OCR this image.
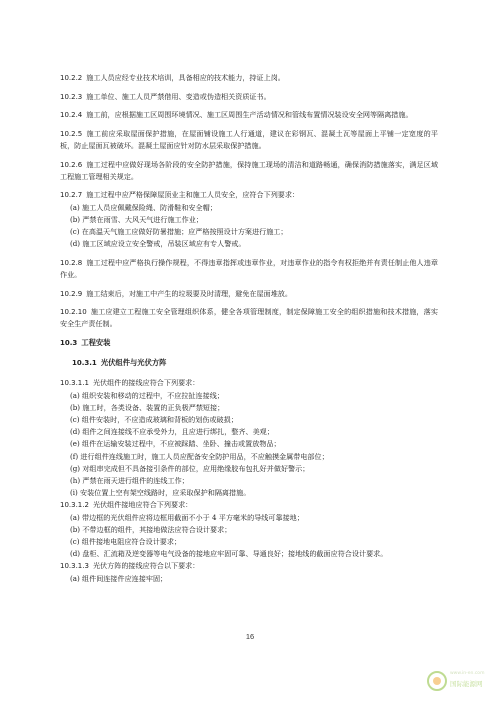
10.2.2 施工人员应经专业技术培训，具备相应的技术能力，持证上岗。

10.2.3 施工单位、施工人员严禁借用、变造或伪造相关资质证书。

10.2.4 施工前，应根据施工区周围环境情况、施工区周围生产活动情况和管线布置情况装设安全网等隔离措施。

10.2.5 施工前应采取屋面保护措施，在屋面铺设施工人行通道，建议在彩钢瓦、混凝土瓦等屋面上平铺一定宽度的平板，防止屋面瓦被破坏。混凝土屋面应针对防水层采取保护措施。

10.2.6 施工过程中应做好现场各阶段的安全防护措施，保持施工现场的清洁和道路畅通，确保消防措施落实，满足区域工程施工管理相关规定。

10.2.7 施工过程中应严格保障屋顶业主和施工人员安全，应符合下列要求：

(a) 施工人员应佩戴保险绳、防滑鞋和安全帽；

(b) 严禁在雨雪、大风天气进行施工作业；

(c) 在高温天气施工应做好防暑措施；应严格按照设计方案进行施工；

(d) 施工区域应设立安全警戒，吊装区域应有专人警戒。

10.2.8 施工过程中应严格执行操作规程，不得违章指挥或违章作业，对违章作业的指令有权拒绝并有责任制止他人违章作业。

10.2.9 施工结束后，对施工中产生的垃圾要及时清理，避免在屋面堆放。

10.2.10 施工应建立工程施工安全管理组织体系，健全各项管理制度，制定保障施工安全的组织措施和技术措施，落实安全生产责任制。

10.3 工程安装
10.3.1 光伏组件与光伏方阵

10.3.1.1 光伏组件的接线应符合下列要求：

(a) 组织安装和移动的过程中，不应拉扯连接线；

(b) 施工时，各类设备、装置的正负极严禁短接；

(c) 组件安装时，不应造成玻璃和背板的划伤或破损；

(d) 组件之间连接线不应承受外力，且应进行绑扎，整齐、美观；

(e) 组件在运输安装过程中，不应被踩踏、坐卧、撞击或置放物品；

(f) 进行组件连线施工时，施工人员应配备安全防护用品，不应触摸金属带电部位；

(g) 对组串完成但不具备接引条件的部位，应用绝缘胶布包扎好并做好警示；

(h) 严禁在雨天进行组件的连线工作；

(i) 安装位置上空有架空线路时，应采取保护和隔离措施。

10.3.1.2 光伏组件接地应符合下列要求：

(a) 带边框的光伏组件应将边框用截面不小于 4 平方毫米的导线可靠接地；

(b) 不带边框的组件，其接地做法应符合设计要求；

(c) 组件接地电阻应符合设计要求；

(d) 盘柜、汇流箱及逆变器等电气设备的接地应牢固可靠、导通良好；接地线的截面应符合设计要求。

10.3.1.3 光伏方阵的接线应符合以下要求：

(a) 组件间连接件应连接牢固；

16
www.in-en.com
国际能源网
